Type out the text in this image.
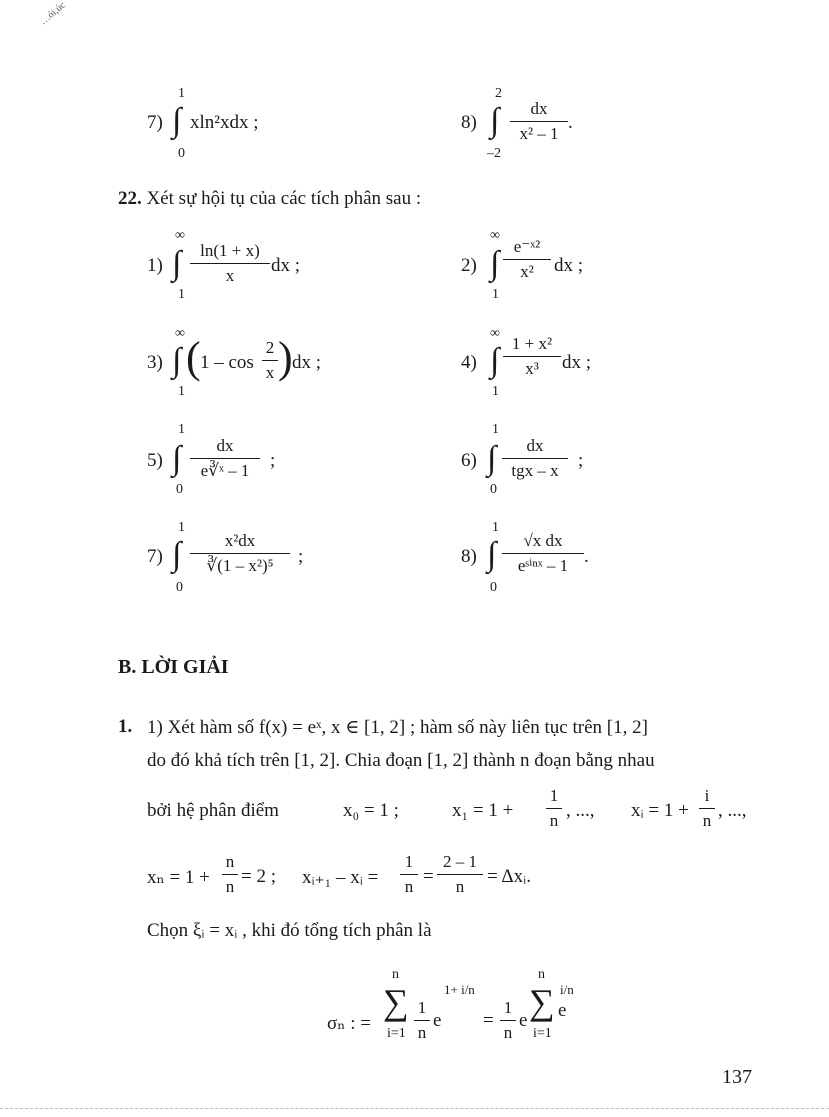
…ỏi,ủc
7)
1
∫
0
xln²xdx ;	8)
2
∫
–2
dx
x² – 1
.
22. Xét sự hội tụ của các tích phân sau :
1)
∞
∫
1
ln(1 + x)
x	dx ;	2)
∞
∫
1
e⁻ˣ²
x²	dx ;
3)
∞
∫
1
( 1 – cos
2
x ) dx ;	4)
∞
∫
1
1 + x²
x³	dx ;
5)
1
∫
0
dx
e∛ˣ – 1	;	6)
1
∫
0
dx
tgx – x	;
7)
1
∫
0
x²dx
∛(1 – x²)⁵	;	8)
1
∫
0
√x dx
eˢⁱⁿˣ – 1 .
B. LỜI GIẢI
1. 1) Xét hàm số f(x) = eˣ, x ∈ [1, 2] ; hàm số này liên tục trên [1, 2]
do đó khả tích trên [1, 2]. Chia đoạn [1, 2] thành n đoạn bằng nhau
bởi hệ phân điểm	x₀ = 1 ;	x₁ = 1 +
1
n , ..., xᵢ = 1 +
i
n , ...,
xₙ = 1 +
n
n = 2 ; xᵢ₊₁ – xᵢ =
1
n =
2 – 1
n	= Δxᵢ.
Chọn ξᵢ = xᵢ , khi đó tổng tích phân là
σₙ : =
n
∑
i=1
1
n
e
1+ i/n
=
1
n
e
n
∑
i=1
i/n
e
137
